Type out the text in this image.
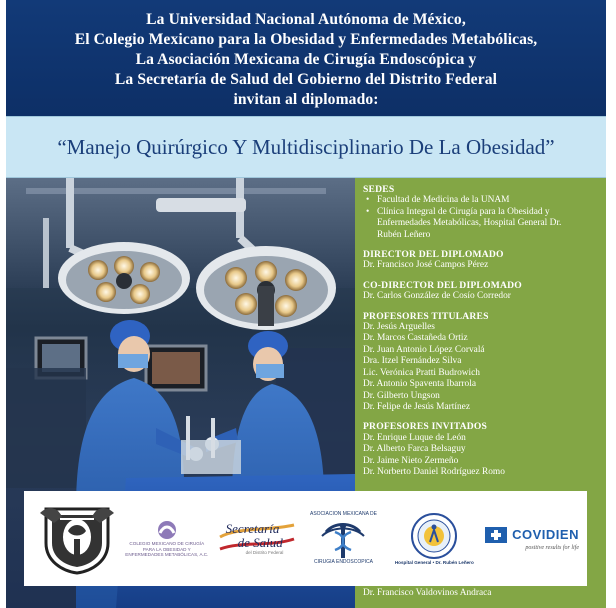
La Universidad Nacional Autónoma de México,
El Colegio Mexicano para la Obesidad y Enfermedades Metabólicas,
La Asociación Mexicana de Cirugía Endoscópica y
La Secretaría de Salud del Gobierno del Distrito Federal
invitan al diplomado:
“Manejo Quirúrgico Y Multidisciplinario De La Obesidad”
SEDES
• Facultad de Medicina de la UNAM
• Clínica Integral de Cirugía para la Obesidad y
Enfermedades Metabólicas, Hospital General Dr.
Rubén Leñero
DIRECTOR DEL DIPLOMADO
Dr. Francisco José Campos Pérez
CO-DIRECTOR DEL DIPLOMADO
Dr. Carlos González de Cosío Corredor
PROFESORES TITULARES
Dr. Jesús Arguelles
Dr. Marcos Castañeda Ortiz
Dr. Juan Antonio López Corvalá
Dra. Itzel Fernández Silva
Lic. Verónica Pratti Budrowich
Dr. Antonio Spaventa Ibarrola
Dr. Gilberto Ungson
Dr. Felipe de Jesús Martínez
PROFESORES INVITADOS
Dr. Enrique Luque de León
Dr. Alberto Farca Belsaguy
Dr. Jaime Nieto Zermeño
Dr. Norberto Daniel Rodríguez Romo
Dr. Francisco Valdovinos Andraca
COLEGIO MEXICANO DE CIRUGÍA
PARA LA OBESIDAD Y
ENFERMEDADES METABÓLICAS, A.C.
Secretaría
de Salud
del Distrito Federal
ASOCIACION MEXICANA DE
CIRUGIA ENDOSCOPICA	Hospital General • Dr. Rubén Leñero
COVIDIEN
positive results for life
